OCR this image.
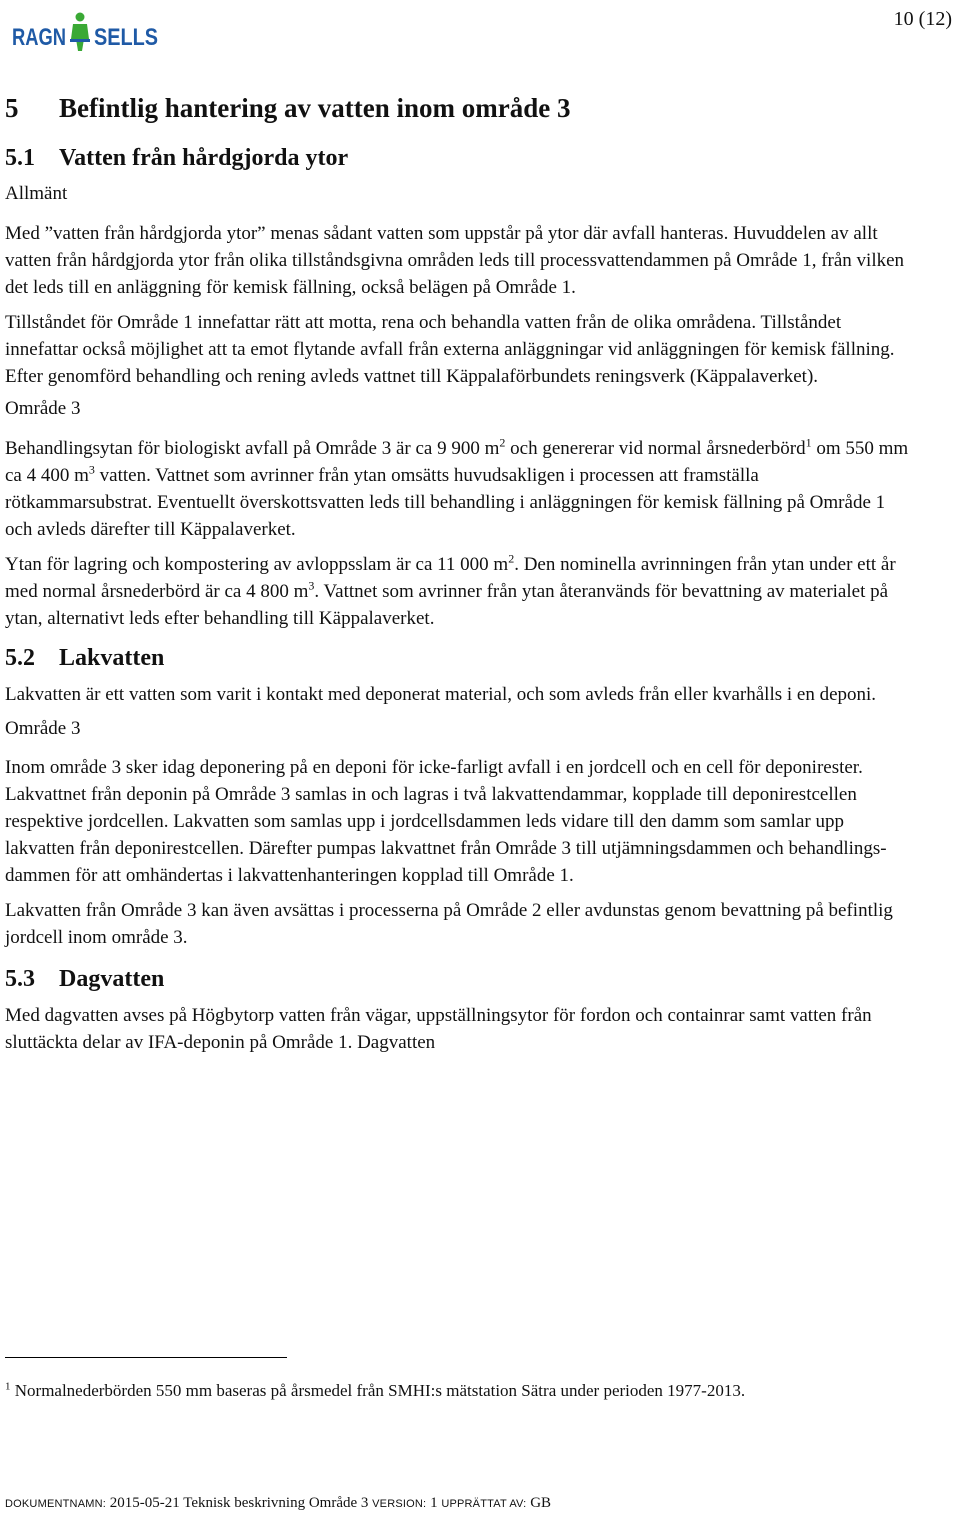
RAGN SELLS
10 (12)
5 Befintlig hantering av vatten inom område 3
5.1 Vatten från hårdgjorda ytor
Allmänt

Med ”vatten från hårdgjorda ytor” menas sådant vatten som uppstår på ytor där avfall hanteras. Huvuddelen av allt vatten från hårdgjorda ytor från olika tillståndsgivna områden leds till processvattendammen på Område 1, från vilken det leds till en anläggning för kemisk fällning, också belägen på Område 1.

Tillståndet för Område 1 innefattar rätt att motta, rena och behandla vatten från de olika områdena. Tillståndet innefattar också möjlighet att ta emot flytande avfall från externa anläggningar vid anläggningen för kemisk fällning. Efter genomförd behandling och rening avleds vattnet till Käppalaförbundets reningsverk (Käppalaverket).

Område 3

Behandlingsytan för biologiskt avfall på Område 3 är ca 9 900 $m^2$ och genererar vid normal årsnederbörd$^1$ om 550 mm ca 4 400 $m^3$ vatten. Vattnet som avrinner från ytan omsätts huvudsakligen i processen att framställa rötkammarsubstrat. Eventuellt överskottsvatten leds till behandling i anläggningen för kemisk fällning på Område 1 och avleds därefter till Käppalaverket.

Ytan för lagring och kompostering av avloppsslam är ca 11 000 $m^2$. Den nominella avrinningen från ytan under ett år med normal årsnederbörd är ca 4 800 $m^3$. Vattnet som avrinner från ytan återanvänds för bevattning av materialet på ytan, alternativt leds efter behandling till Käppalaverket.

5.2 Lakvatten

Lakvatten är ett vatten som varit i kontakt med deponerat material, och som avleds från eller kvarhålls i en deponi.

Område 3

Inom område 3 sker idag deponering på en deponi för icke-farligt avfall i en jordcell och en cell för deponirester. Lakvattnet från deponin på Område 3 samlas in och lagras i två lakvattendammar, kopplade till deponirestcellen respektive jordcellen. Lakvatten som samlas upp i jordcellsdammen leds vidare till den damm som samlar upp lakvatten från deponirestcellen. Därefter pumpas lakvattnet från Område 3 till utjämningsdammen och behandlingsdammen för att omhändertas i lakvattenhanteringen kopplad till Område 1.

Lakvatten från Område 3 kan även avsättas i processerna på Område 2 eller avdunstas genom bevattning på befintlig jordcell inom område 3.

5.3 Dagvatten

Med dagvatten avses på Högbytorp vatten från vägar, uppställningsytor för fordon och containrar samt vatten från sluttäckta delar av IFA-deponin på Område 1. Dagvatten

$^1$ Normalnederbörden 550 mm baseras på årsmedel från SMHI:s mätstation Sätra under perioden 1977-2013.
DOKUMENTNAMN: 2015-05-21 Teknisk beskrivning Område 3 VERSION: 1 UPPRÄTTAT AV: GB
